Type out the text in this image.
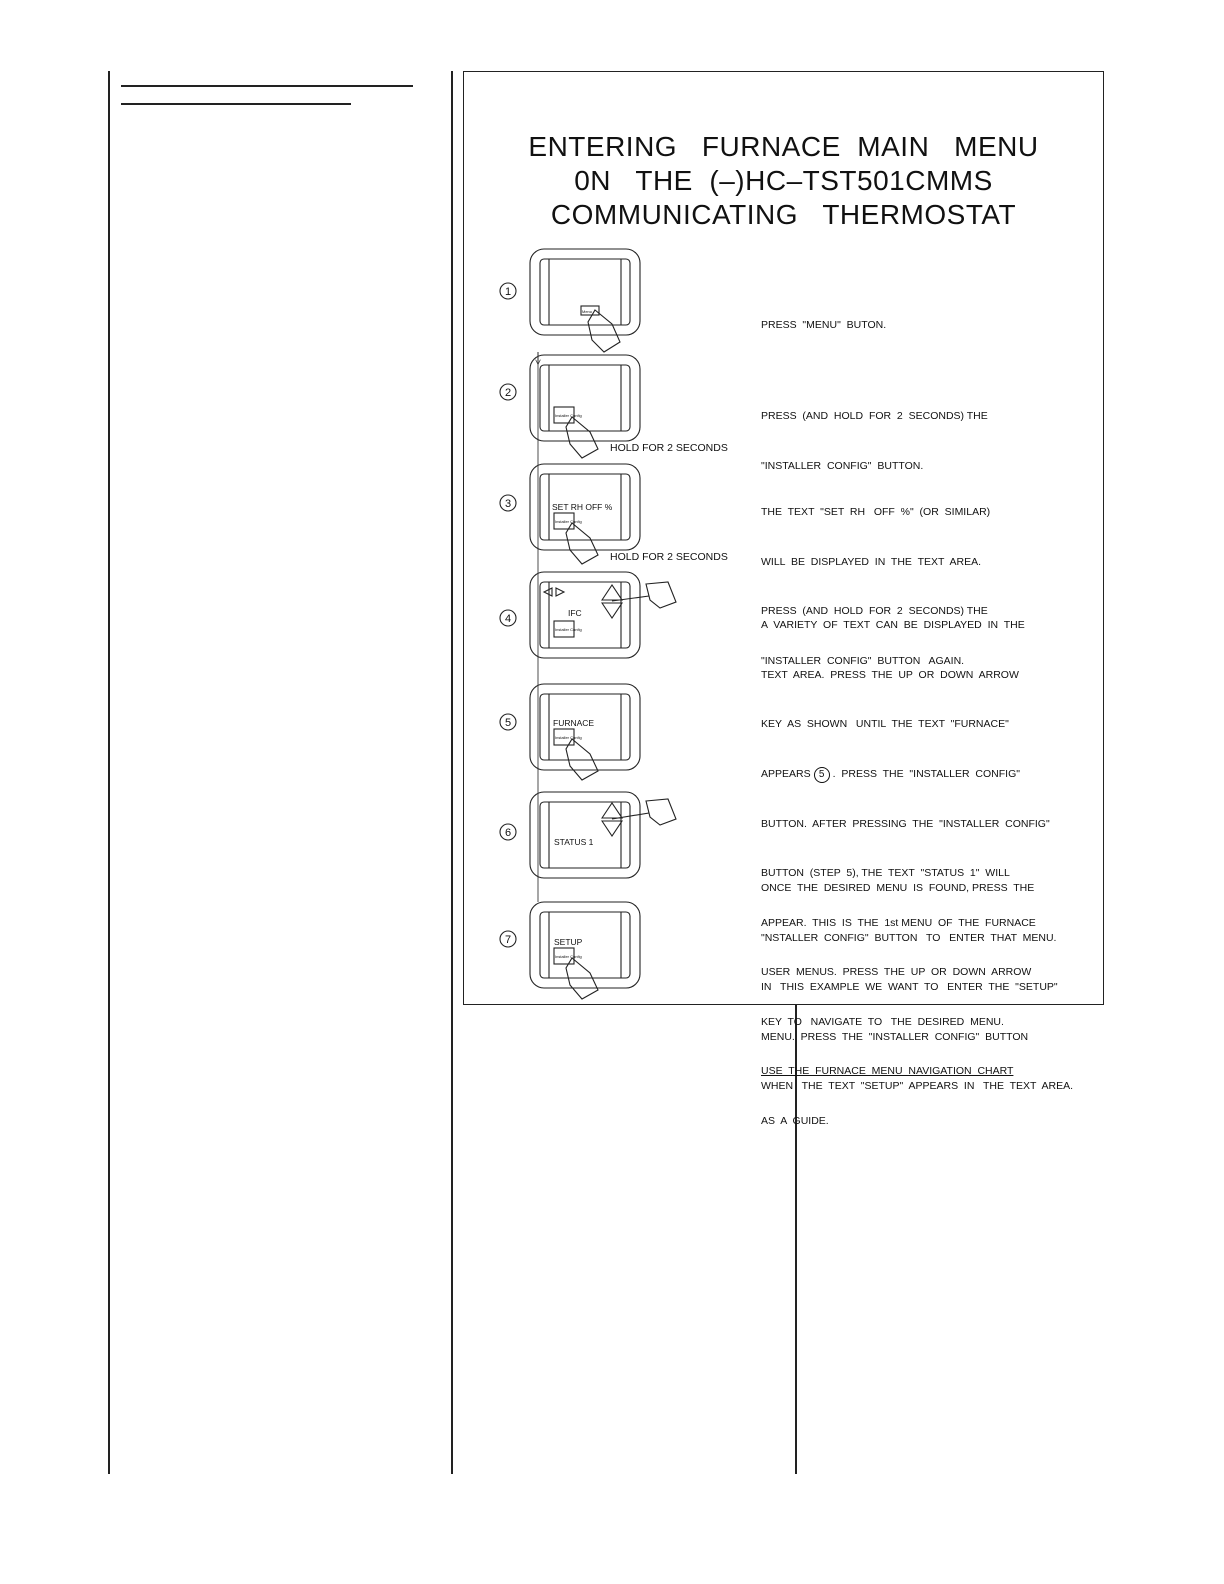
ENTERING   FURNACE  MAIN   MENU
0N   THE  (–)HC–TST501CMMS
COMMUNICATING   THERMOSTAT
1
2
3
4
5
6
7
SET RH OFF %
IFC
FURNACE
STATUS 1
SETUP
Menu
Installer Config
Installer Config
Installer Config
Installer Config
Installer Config
HOLD FOR 2 SECONDS
HOLD FOR 2 SECONDS

PRESS  "MENU"  BUTON.

PRESS  (AND  HOLD  FOR  2  SECONDS) THE

"INSTALLER  CONFIG"  BUTTON.

THE  TEXT  "SET  RH   OFF  %"  (OR  SIMILAR)

WILL  BE  DISPLAYED  IN  THE  TEXT  AREA.

PRESS  (AND  HOLD  FOR  2  SECONDS) THE

"INSTALLER  CONFIG"  BUTTON   AGAIN.

A  VARIETY  OF  TEXT  CAN  BE  DISPLAYED  IN  THE

TEXT  AREA.  PRESS  THE  UP  OR  DOWN  ARROW

KEY  AS  SHOWN   UNTIL  THE  TEXT  "FURNACE"

APPEARS 5 .  PRESS  THE  "INSTALLER  CONFIG"

BUTTON.  AFTER  PRESSING  THE  "INSTALLER  CONFIG"

BUTTON  (STEP  5), THE  TEXT  "STATUS  1"  WILL

APPEAR.  THIS  IS  THE  1st MENU  OF  THE  FURNACE

USER  MENUS.  PRESS  THE  UP  OR  DOWN  ARROW

KEY  TO   NAVIGATE  TO   THE  DESIRED  MENU.

USE  THE  FURNACE  MENU  NAVIGATION  CHART

AS  A  GUIDE.

ONCE  THE  DESIRED  MENU  IS  FOUND, PRESS  THE

"NSTALLER  CONFIG"  BUTTON   TO   ENTER  THAT  MENU.

IN   THIS  EXAMPLE  WE  WANT  TO   ENTER  THE  "SETUP"

MENU.  PRESS  THE  "INSTALLER  CONFIG"  BUTTON

WHEN   THE  TEXT  "SETUP"  APPEARS  IN   THE  TEXT  AREA.
